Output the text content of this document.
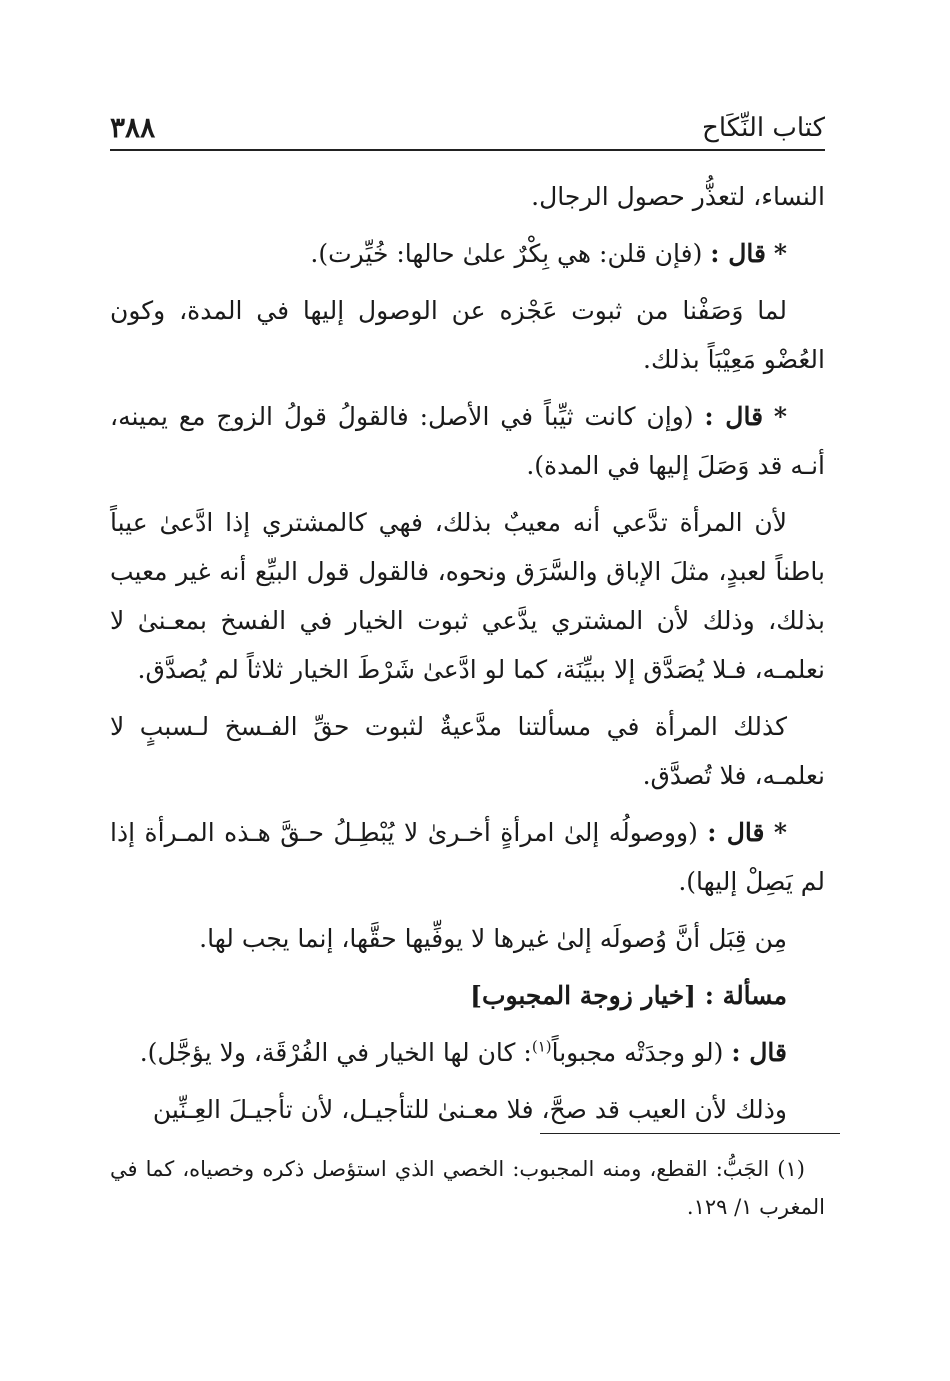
كتاب النِّكَاح
٣٨٨

النساء، لتعذُّر حصول الرجال.

* قال : (فإن قلن: هي بِكْرٌ علىٰ حالها: خُيِّرت).

لما وَصَفْنا من ثبوت عَجْزه عن الوصول إليها في المدة، وكون العُضْو مَعِيْبَاً بذلك.

* قال : (وإن كانت ثيِّباً في الأصل: فالقولُ قولُ الزوج مع يمينه، أنـه قد وَصَلَ إليها في المدة).

لأن المرأة تدَّعي أنه معيبٌ بذلك، فهي كالمشتري إذا ادَّعىٰ عيباً باطناً لعبدٍ، مثلَ الإباق والسَّرَق ونحوه، فالقول قول البيِّع أنه غير معيب بذلك، وذلك لأن المشتري يدَّعي ثبوت الخيار في الفسخ بمعـنىٰ لا نعلمـه، فـلا يُصَدَّق إلا ببيِّنَة، كما لو ادَّعىٰ شَرْطَ الخيار ثلاثاً لم يُصدَّق.

كذلك المرأة في مسألتنا مدَّعيةٌ لثبوت حقِّ الفـسخ لـسببٍ لا نعلمـه، فلا تُصدَّق.

* قال : (ووصولُه إلىٰ امرأةٍ أخـرىٰ لا يُبْطِـلُ حـقَّ هـذه المـرأة إذا لم يَصِلْ إليها).

مِن قِبَل أنَّ وُصولَه إلىٰ غيرها لا يوفِّيها حقَّها، إنما يجب لها.

مسألة : [خيار زوجة المجبوب]

قال : (لو وجدَتْه مجبوباً$^{(١)}$: كان لها الخيار في الفُرْقَة، ولا يؤجَّل).

وذلك لأن العيب قد صحَّ، فلا معـنىٰ للتأجيـل، لأن تأجيـلَ العِـنِّين

(١) الجَبُّ: القطع، ومنه المجبوب: الخصي الذي استؤصل ذكره وخصياه، كما في المغرب ١/ ١٢٩.
